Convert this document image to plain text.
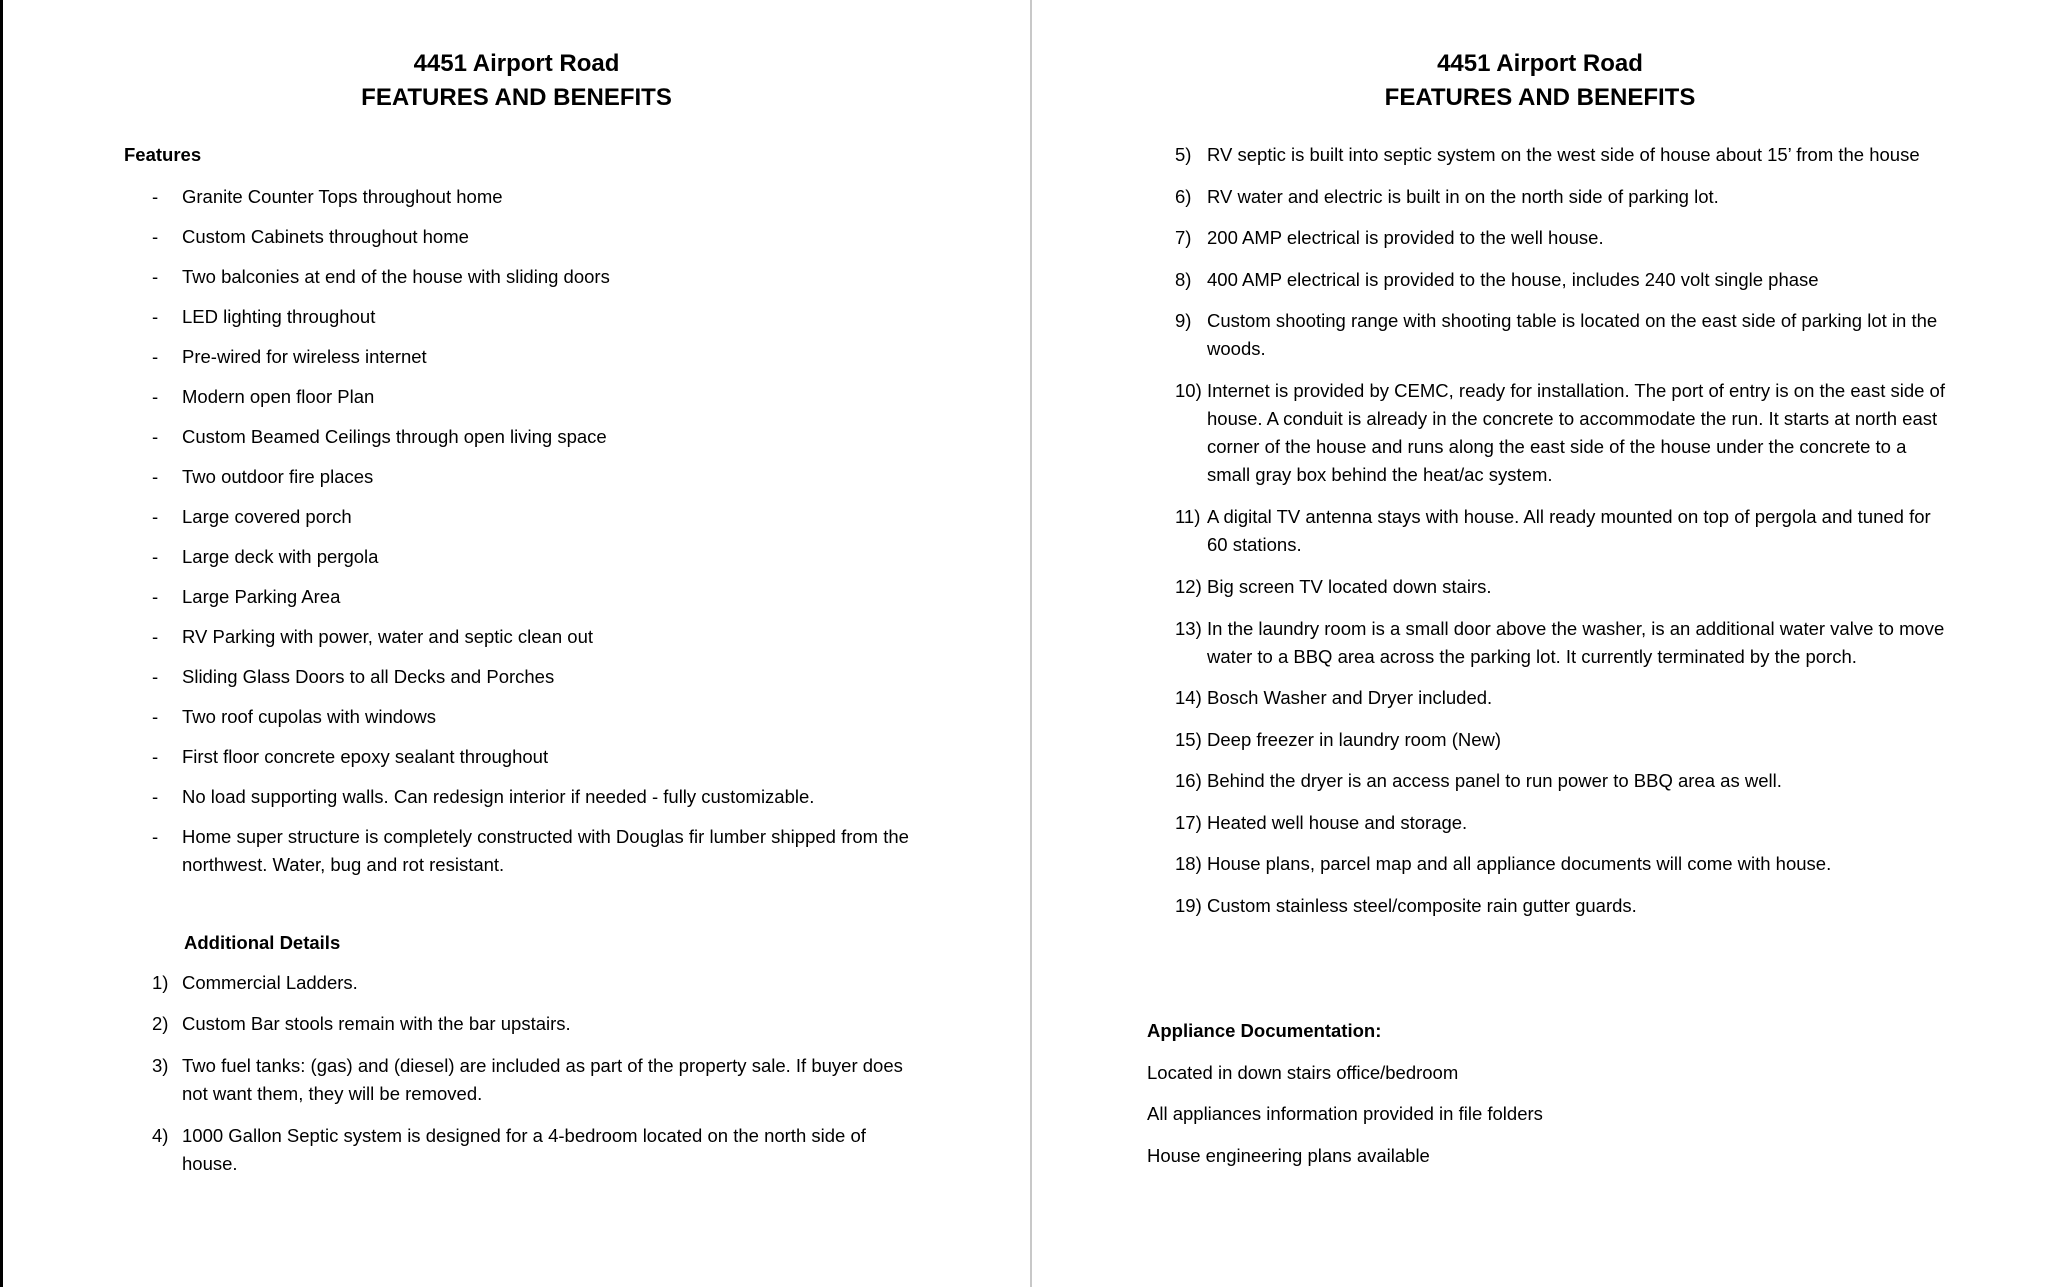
4451 Airport Road
FEATURES AND BENEFITS
Features
-	Granite Counter Tops throughout home
-	Custom Cabinets throughout home
-	Two balconies at end of the house with sliding doors
-	LED lighting throughout
-	Pre-wired for wireless internet
-	Modern open floor Plan
-	Custom Beamed Ceilings through open living space
-	Two outdoor fire places
-	Large covered porch
-	Large deck with pergola
-	Large Parking Area
-	RV Parking with power, water and septic clean out
-	Sliding Glass Doors to all Decks and Porches
-	Two roof cupolas with windows
-	First floor concrete epoxy sealant throughout
-	No load supporting walls. Can redesign interior if needed - fully customizable.
-	Home super structure is completely constructed with Douglas fir lumber shipped from the northwest. Water, bug and rot resistant.
Additional Details
1) Commercial Ladders.
2) Custom Bar stools remain with the bar upstairs.
3) Two fuel tanks: (gas) and (diesel) are included as part of the property sale. If buyer does not want them, they will be removed.
4) 1000 Gallon Septic system is designed for a 4-bedroom located on the north side of house.
4451 Airport Road
FEATURES AND BENEFITS
5) RV septic is built into septic system on the west side of house about 15’ from the house
6) RV water and electric is built in on the north side of parking lot.
7) 200 AMP electrical is provided to the well house.
8) 400 AMP electrical is provided to the house, includes 240 volt single phase
9) Custom shooting range with shooting table is located on the east side of parking lot in the woods.
10) Internet is provided by CEMC, ready for installation. The port of entry is on the east side of house. A conduit is already in the concrete to accommodate the run. It starts at north east corner of the house and runs along the east side of the house under the concrete to a small gray box behind the heat/ac system.
11) A digital TV antenna stays with house. All ready mounted on top of pergola and tuned for 60 stations.
12) Big screen TV located down stairs.
13) In the laundry room is a small door above the washer, is an additional water valve to move water to a BBQ area across the parking lot. It currently terminated by the porch.
14) Bosch Washer and Dryer included.
15) Deep freezer in laundry room (New)
16) Behind the dryer is an access panel to run power to BBQ area as well.
17) Heated well house and storage.
18) House plans, parcel map and all appliance documents will come with house.
19) Custom stainless steel/composite rain gutter guards.
Appliance Documentation:
Located in down stairs office/bedroom
All appliances information provided in file folders
House engineering plans available
